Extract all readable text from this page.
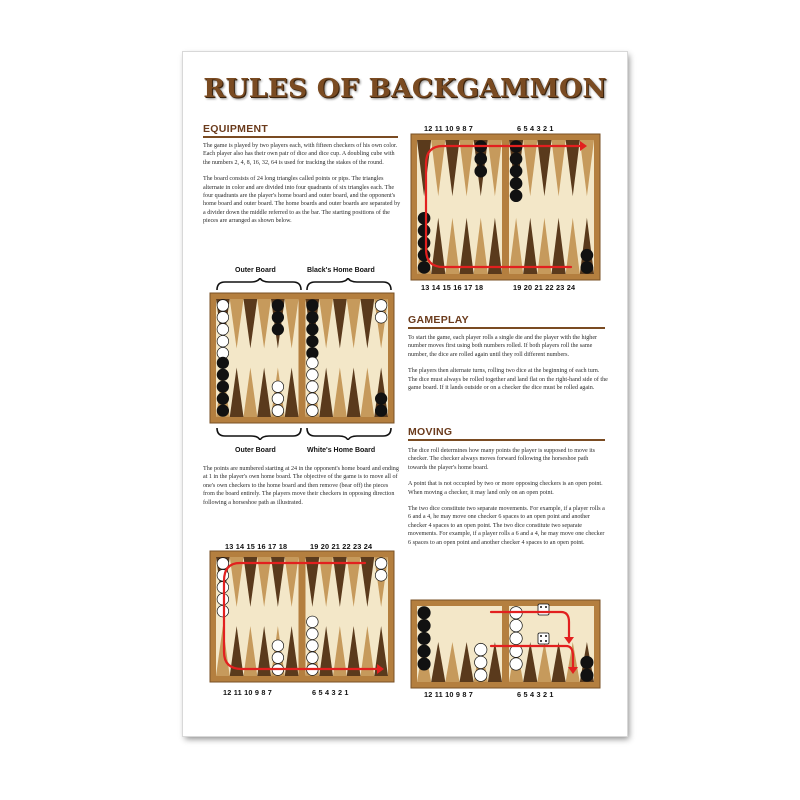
RULES OF BACKGAMMON
EQUIPMENT

The game is played by two players each, with fifteen checkers of his own color. Each player also has their own pair of dice and dice cup. A doubling cube with the numbers 2, 4, 8, 16, 32, 64 is used for tracking the stakes of the round.

The board consists of 24 long triangles called points or pips. The triangles alternate in color and are divided into four quadrants of six triangles each. The four quadrants are the player's home board and outer board, and the opponent's home board and outer board. The home boards and outer boards are separated by a divider down the middle referred to as the bar. The starting positions of the pieces are arranged as shown below.

Outer Board	Black's Home Board
Outer Board	White's Home Board
The points are numbered starting at 24 in the opponent's home board and ending at 1 in the player's own home board. The objective of the game is to move all of one's own checkers to the home board and then remove (bear off) the pieces from the board entirely. The players move their checkers in opposing direction following a horseshoe path as illustrated.
13 14 15 16 17 18	19 20 21 22 23 24
12 11 10 9 8 7	6 5 4 3 2 1
12 11 10 9 8 7	6 5 4 3 2 1
13 14 15 16 17 18	19 20 21 22 23 24
GAMEPLAY

To start the game, each player rolls a single die and the player with the higher number moves first using both numbers rolled. If both players roll the same number, the dice are rolled again until they roll different numbers.

The players then alternate turns, rolling two dice at the beginning of each turn. The dice must always be rolled together and land flat on the right-hand side of the game board. If it lands outside or on a checker the dice must be rolled again.

MOVING

The dice roll determines how many points the player is supposed to move its checker. The checker always moves forward following the horseshoe path towards the player's home board.

A point that is not occupied by two or more opposing checkers is an open point. When moving a checker, it may land only on an open point.

The two dice constitute two separate movements. For example, if a player rolls a 6 and a 4, he may move one checker 6 spaces to an open point and another checker 4 spaces to an open point. The two dice constitute two separate movements. For example, if a player rolls a 6 and a 4, he may move one checker 6 spaces to an open point and another checker 4 spaces to an open point.

12 11 10 9 8 7	6 5 4 3 2 1
